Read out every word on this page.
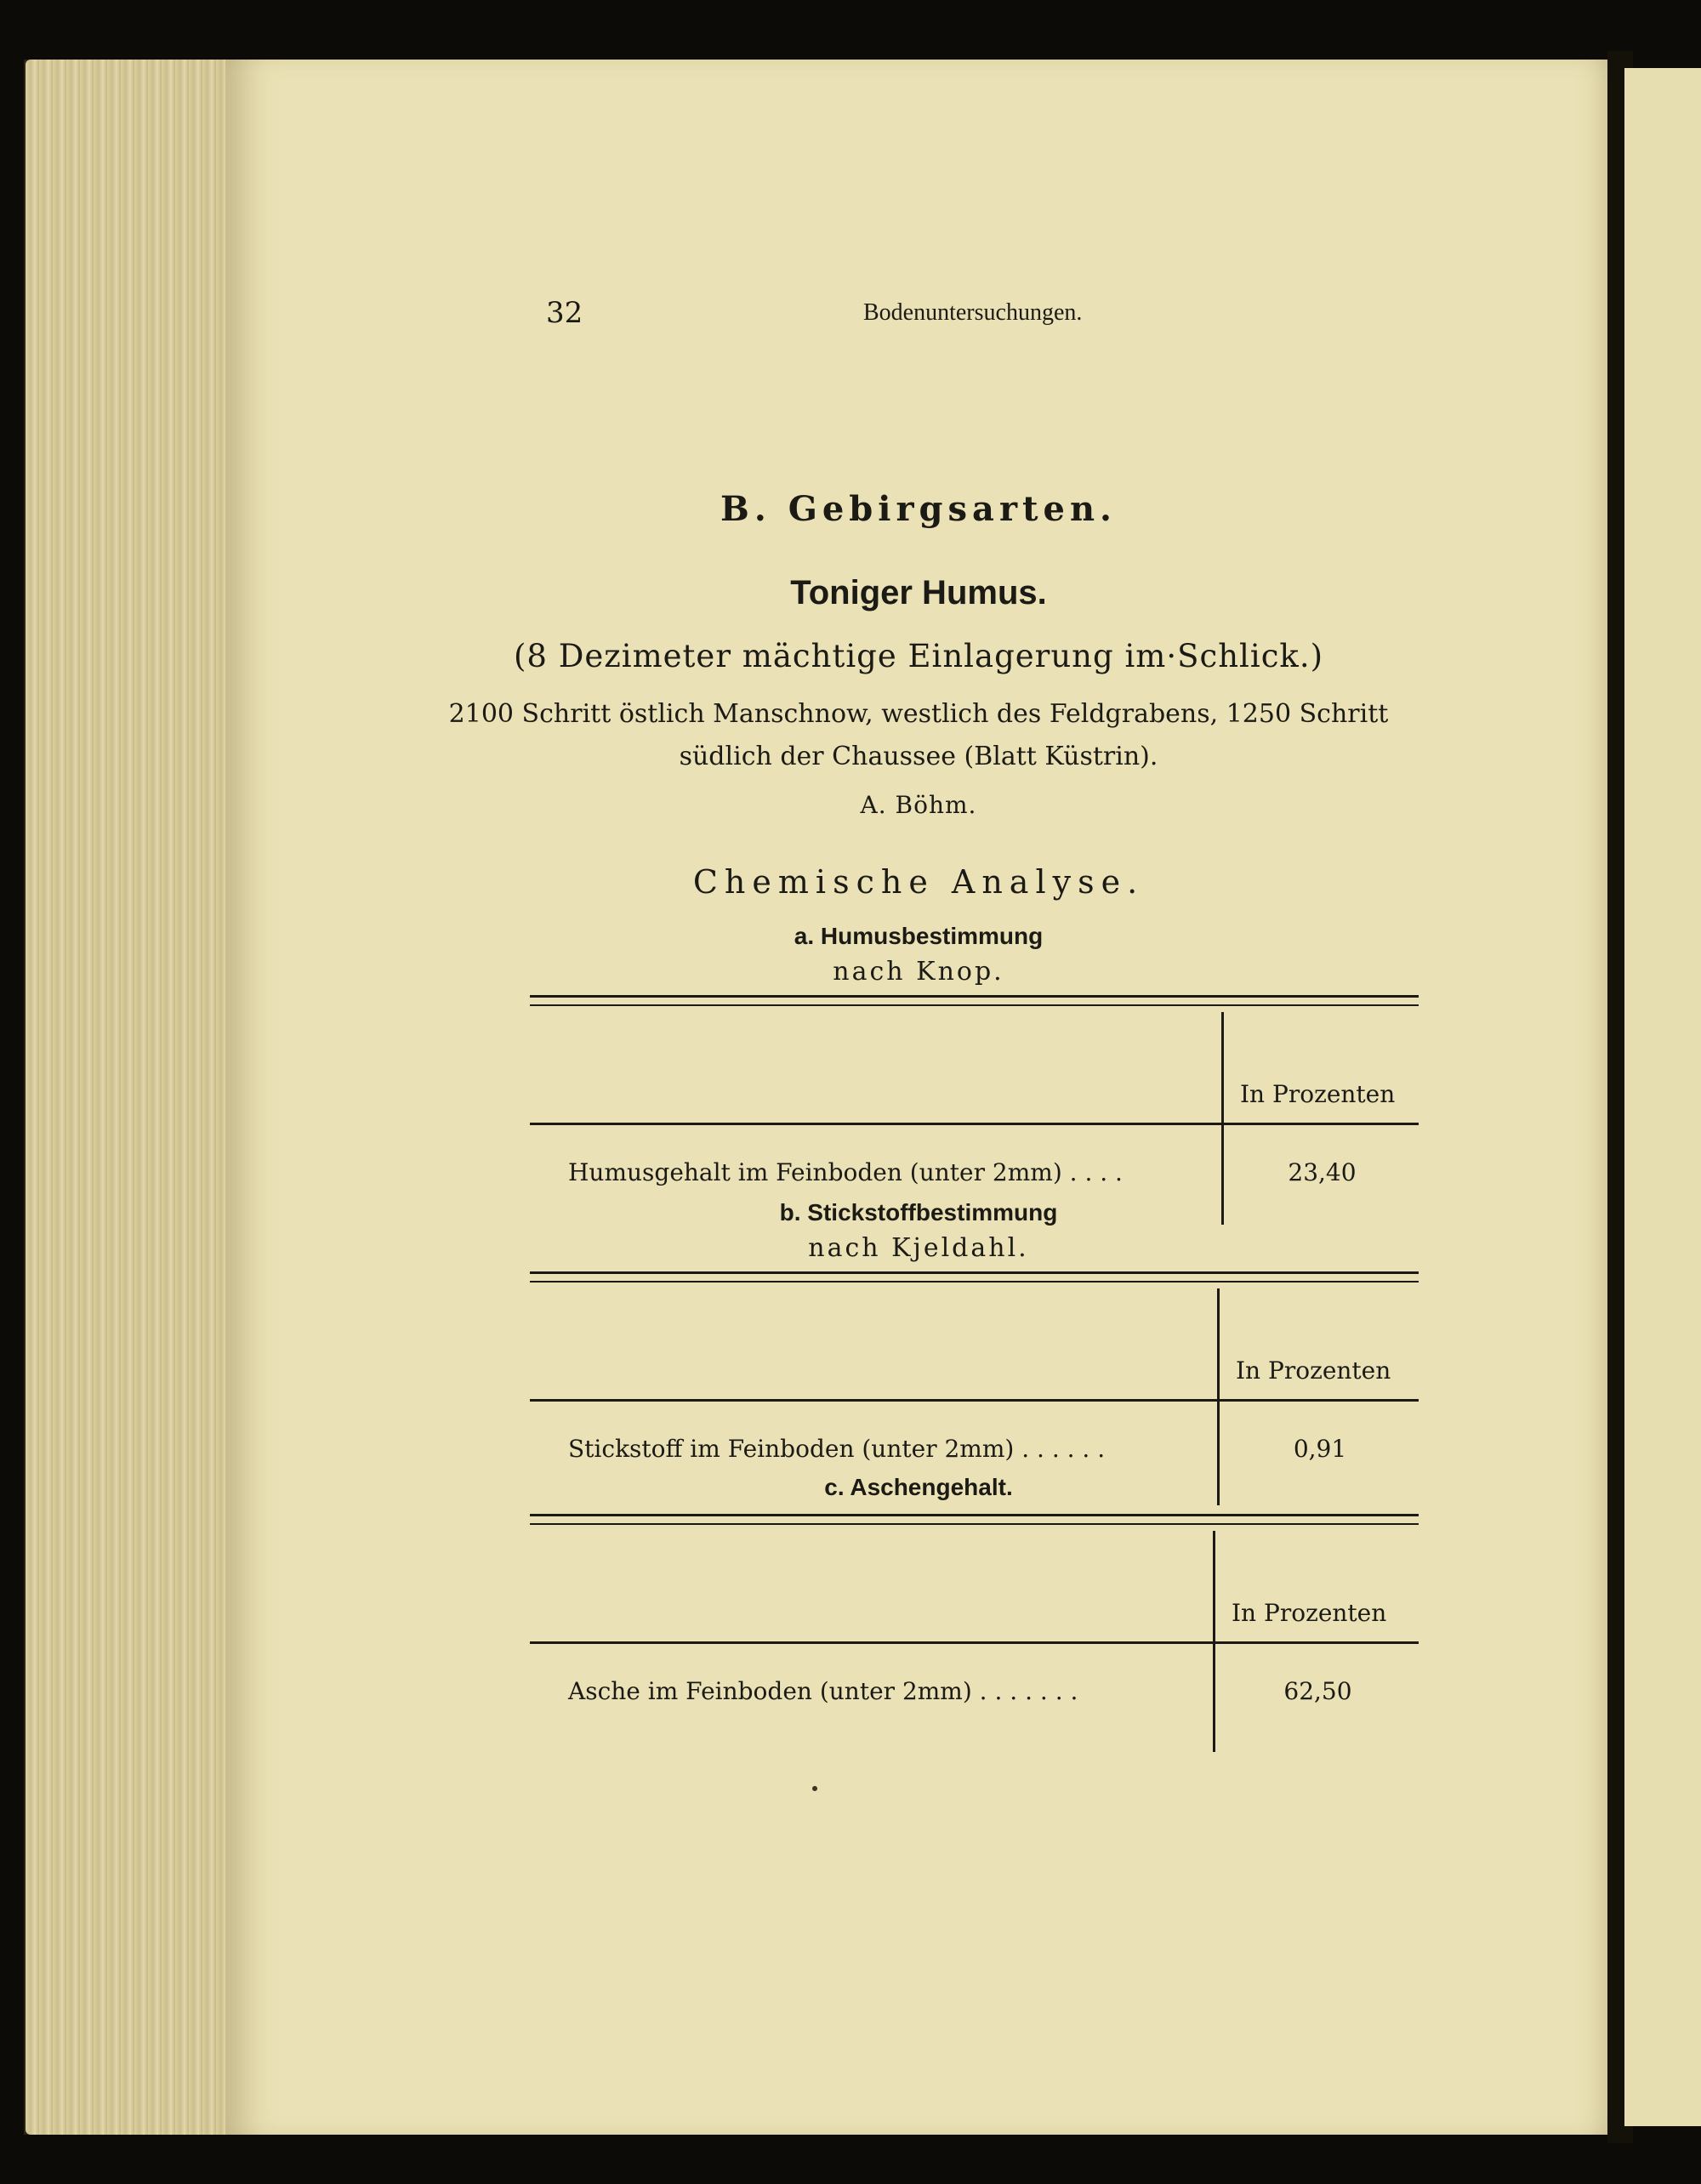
32	Bodenuntersuchungen.
B. Gebirgsarten.
Toniger Humus.
(8 Dezimeter mächtige Einlagerung im·Schlick.)
2100 Schritt östlich Manschnow, westlich des Feldgrabens, 1250 Schritt
südlich der Chaussee (Blatt Küstrin).
A. Böhm.
Chemische Analyse.
a. Humusbestimmung
nach Knop.
In Prozenten
Humusgehalt im Feinboden (unter 2mm) . . . .	23,40
b. Stickstoffbestimmung
nach Kjeldahl.
In Prozenten
Stickstoff im Feinboden (unter 2mm) . . . . . .	0,91
c. Aschengehalt.
In Prozenten
Asche im Feinboden (unter 2mm) . . . . . . .	62,50
